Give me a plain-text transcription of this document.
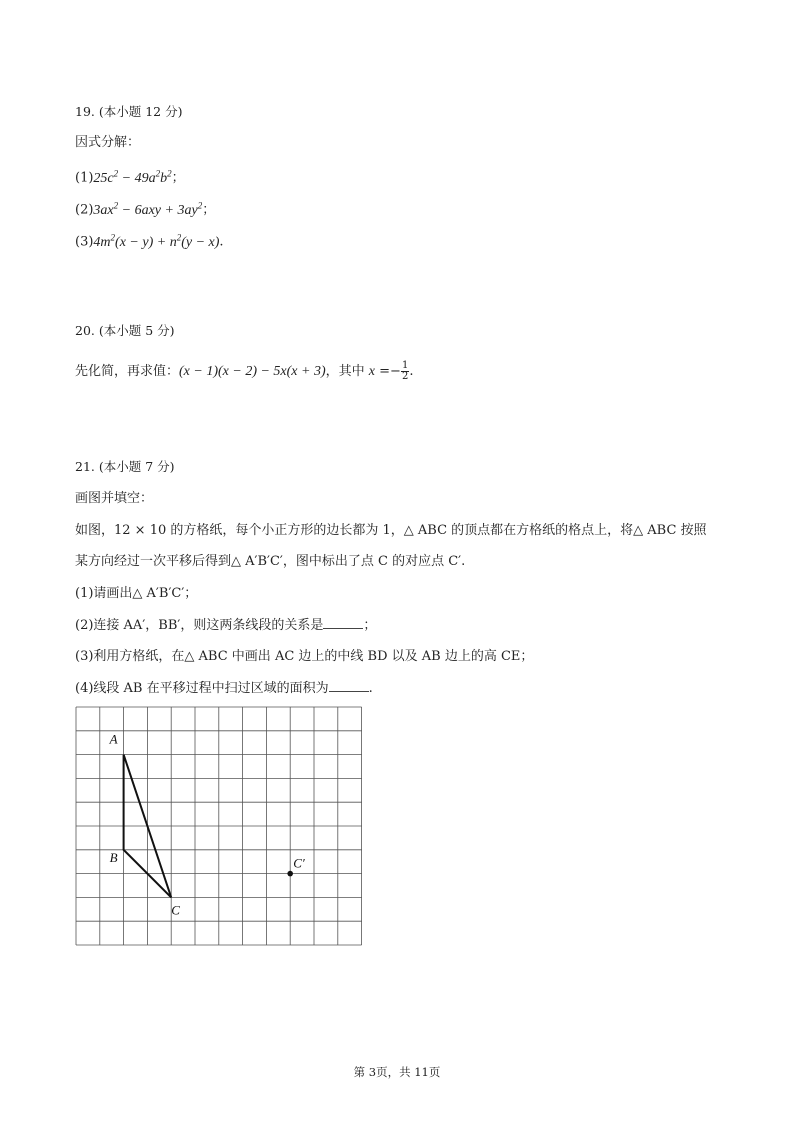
19. (本小题 12 分)
因式分解：
$(1)25c^2 - 49a^2b^2$；
$(2)3ax^2 - 6axy + 3ay^2$；
$(3)4m^2(x - y) + n^2(y - x)$.
20. (本小题 5 分)
先化简，再求值：(x − 1)(x − 2) − 5x(x + 3)，其中 $x =- \frac{1}{2}$ .
21. (本小题 7 分)
画图并填空：
如图，12 × 10 的方格纸，每个小正方形的边长都为 1，△ ABC 的顶点都在方格纸的格点上，将△ ABC 按照
某方向经过一次平移后得到△ A′B′C′，图中标出了点 C 的对应点 C′.
(1)请画出△ A′B′C′；
(2)连接 AA′，BB′，则这两条线段的关系是	；
(3)利用方格纸，在△ ABC 中画出 AC 边上的中线 BD 以及 AB 边上的高 CE；
(4)线段 AB 在平移过程中扫过区域的面积为	.
A
B
C
C′
第 3页，共 11页
